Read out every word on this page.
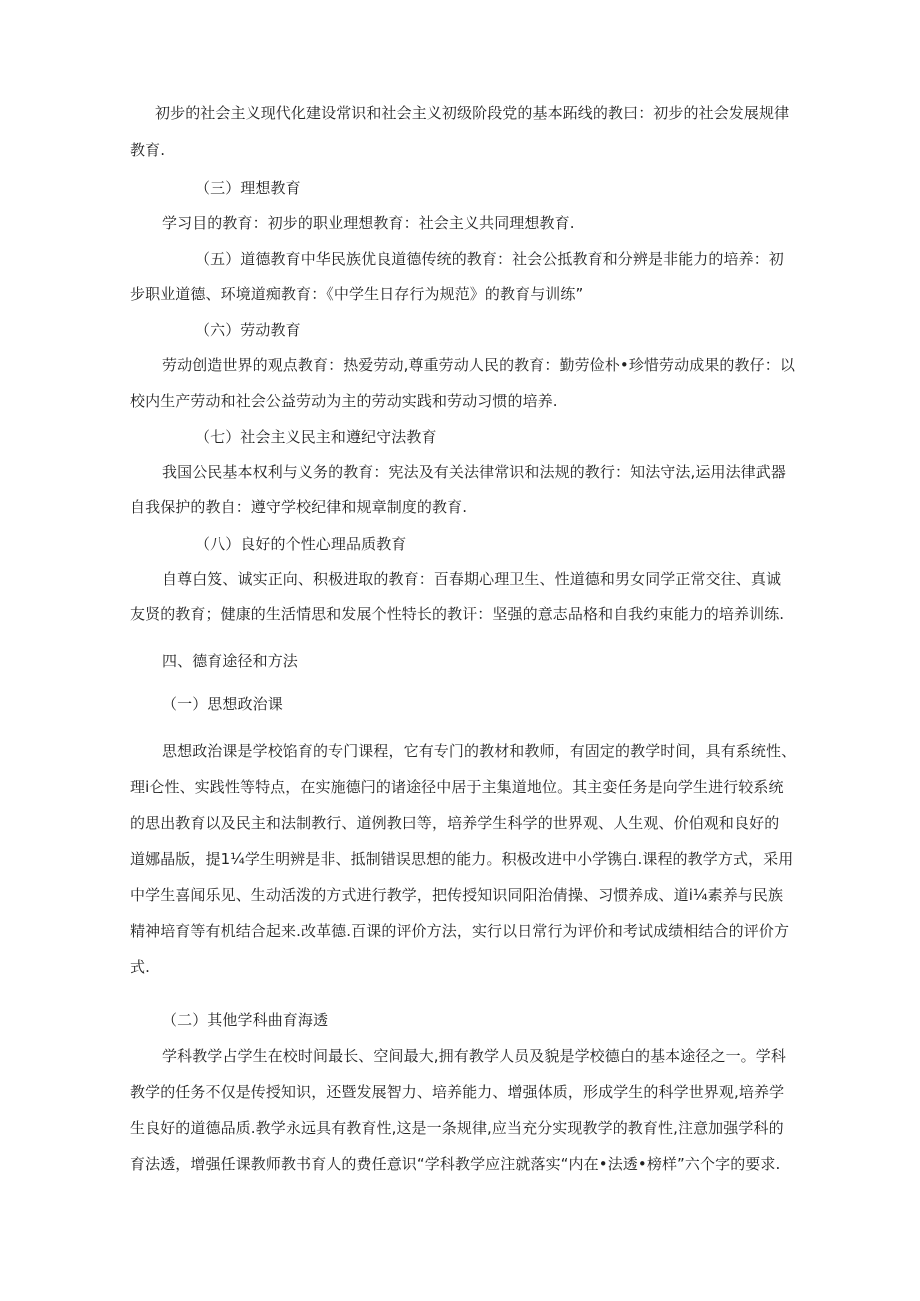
初步的社会主义现代化建设常识和社会主义初级阶段党的基本跖线的教曰：初步的社会发展规律
教育.
（三）理想教育
学习目的教育：初步的职业理想教育：社会主义共同理想教育.
（五）道德教育中华民族优良道德传统的教育：社会公抵教育和分辨是非能力的培养：初
步职业道德、环境道痴教育：《中学生日存行为规范》的教育与训练”
（六）劳动教育
劳动创造世界的观点教育：热爱劳动,尊重劳动人民的教育：勤劳俭朴•珍惜劳动成果的教仔：以
校内生产劳动和社会公益劳动为主的劳动实践和劳动习惯的培养.
（七）社会主义民主和遵纪守法教育
我国公民基本权利与义务的教育：宪法及有关法律常识和法规的教行：知法守法,运用法律武器
自我保护的教自：遵守学校纪律和规章制度的教育.
（八）良好的个性心理品质教育
自尊白笈、诚实正向、积极进取的教育：百春期心理卫生、性道德和男女同学正常交往、真诚
友贤的教育；健康的生活情思和发展个性特长的教讦：坚强的意志品格和自我约束能力的培养训练.
四、德育途径和方法
（一）思想政治课
思想政治课是学校馅育的专门课程，它有专门的教材和教师，有固定的教学时间，具有系统性、
理i仑性、实践性等特点，在实施德闩的诸途径中居于主集道地位。其主娈任务是向学生进行较系统
的思出教育以及民主和法制教行、道例教曰等，培养学生科学的世界观、人生观、价伯观和良好的
道娜晶版，提1¼学生明辨是非、抵制错误思想的能力。积极改进中小学镌白.课程的教学方式，采用
中学生喜闻乐见、生动活泼的方式进行教学，把传授知识同阳治倩操、习惯养成、道i¼素养与民族
精神培育等有机结合起来.改革德.百课的评价方法，实行以日常行为评价和考试成绩相结合的评价方
式.
（二）其他学科曲育海透
学科教学占学生在校时间最长、空间最大,拥有教学人员及貌是学校德白的基本途径之一。学科
教学的任务不仅是传授知识，还暨发展智力、培养能力、增强体质，形成学生的科学世界观,培养学
生良好的道德品质.教学永远具有教育性,这是一条规律,应当充分实现教学的教育性,注意加强学科的
育法透，增强任课教师教书育人的费任意识“学科教学应注就落实“内在•法透•榜样”六个字的要求.
